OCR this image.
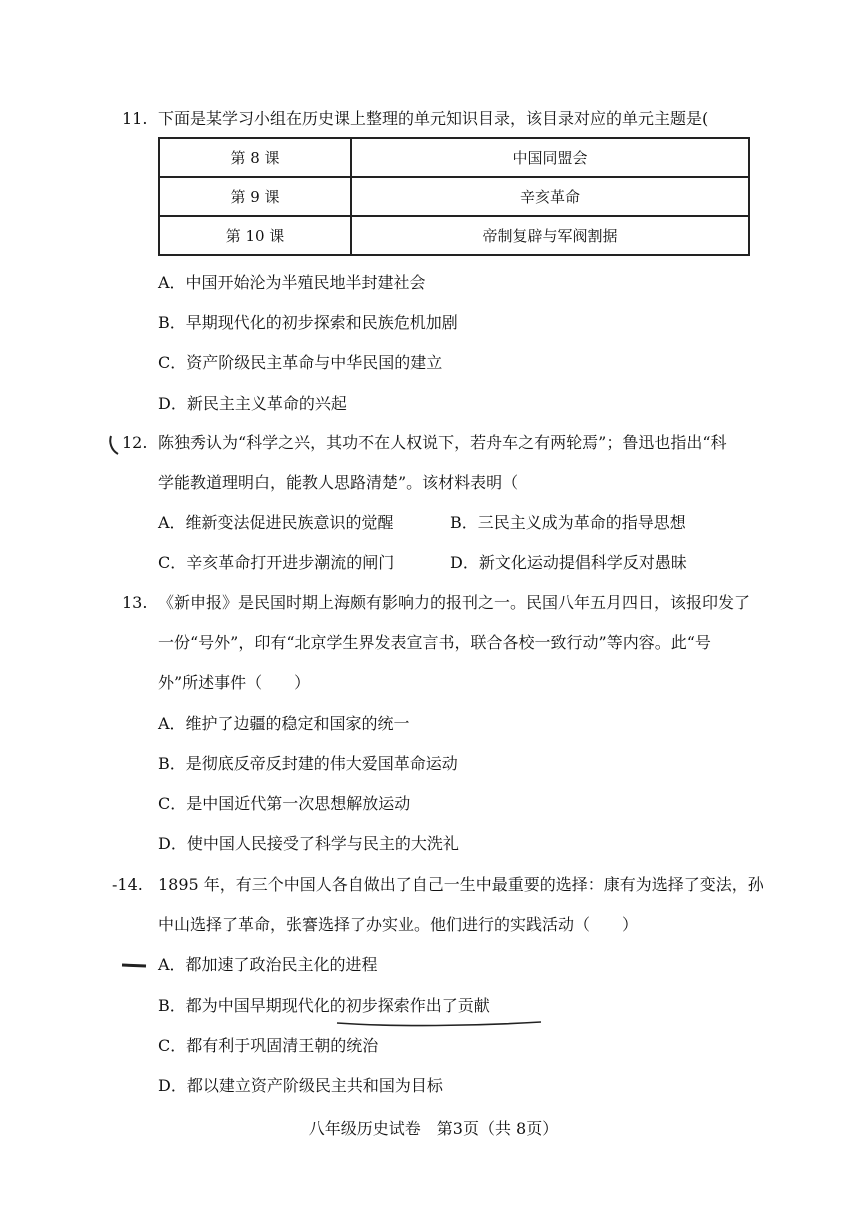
11. 下面是某学习小组在历史课上整理的单元知识目录，该目录对应的单元主题是(
第 8 课	中国同盟会
第 9 课	辛亥革命
第 10 课	帝制复辟与军阀割据
A．中国开始沦为半殖民地半封建社会
B．早期现代化的初步探索和民族危机加剧
C．资产阶级民主革命与中华民国的建立
D．新民主主义革命的兴起
12. 陈独秀认为“科学之兴，其功不在人权说下，若舟车之有两轮焉”；鲁迅也指出“科
学能教道理明白，能教人思路清楚”。该材料表明（
A．维新变法促进民族意识的觉醒	B．三民主义成为革命的指导思想
C．辛亥革命打开进步潮流的闸门	D．新文化运动提倡科学反对愚昧
13. 《新申报》是民国时期上海颇有影响力的报刊之一。民国八年五月四日，该报印发了
一份“号外”，印有“北京学生界发表宣言书，联合各校一致行动”等内容。此“号
外”所述事件（　　）
A．维护了边疆的稳定和国家的统一
B．是彻底反帝反封建的伟大爱国革命运动
C．是中国近代第一次思想解放运动
D．使中国人民接受了科学与民主的大洗礼
-14. 1895 年，有三个中国人各自做出了自己一生中最重要的选择：康有为选择了变法，孙
中山选择了革命，张謇选择了办实业。他们进行的实践活动（　　）
A．都加速了政治民主化的进程
B．都为中国早期现代化的初步探索作出了贡献
C．都有利于巩固清王朝的统治
D．都以建立资产阶级民主共和国为目标
八年级历史试卷　第3页（共 8页）
